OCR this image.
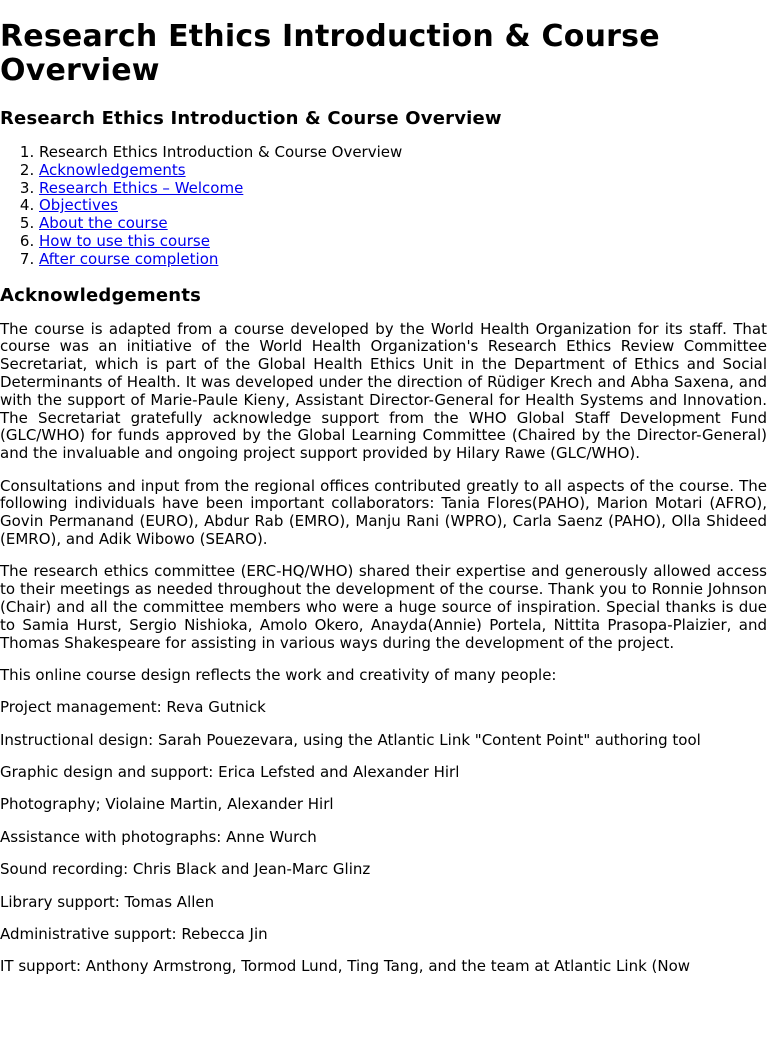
Research Ethics Introduction & Course Overview
Research Ethics Introduction & Course Overview
1. Research Ethics Introduction & Course Overview
2. Acknowledgements
3. Research Ethics – Welcome
4. Objectives
5. About the course
6. How to use this course
7. After course completion
Acknowledgements

The course is adapted from a course developed by the World Health Organization for its staff. That course was an initiative of the World Health Organization's Research Ethics Review Committee Secretariat, which is part of the Global Health Ethics Unit in the Department of Ethics and Social Determinants of Health. It was developed under the direction of Rüdiger Krech and Abha Saxena, and with the support of Marie-Paule Kieny, Assistant Director-General for Health Systems and Innovation. The Secretariat gratefully acknowledge support from the WHO Global Staff Development Fund (GLC/WHO) for funds approved by the Global Learning Committee (Chaired by the Director-General) and the invaluable and ongoing project support provided by Hilary Rawe (GLC/WHO).

Consultations and input from the regional offices contributed greatly to all aspects of the course. The following individuals have been important collaborators: Tania Flores(PAHO), Marion Motari (AFRO), Govin Permanand (EURO), Abdur Rab (EMRO), Manju Rani (WPRO), Carla Saenz (PAHO), Olla Shideed (EMRO), and Adik Wibowo (SEARO).

The research ethics committee (ERC-HQ/WHO) shared their expertise and generously allowed access to their meetings as needed throughout the development of the course. Thank you to Ronnie Johnson (Chair) and all the committee members who were a huge source of inspiration. Special thanks is due to Samia Hurst, Sergio Nishioka, Amolo Okero, Anayda(Annie) Portela, Nittita Prasopa-Plaizier, and Thomas Shakespeare for assisting in various ways during the development of the project.

This online course design reflects the work and creativity of many people:

Project management: Reva Gutnick

Instructional design: Sarah Pouezevara, using the Atlantic Link "Content Point" authoring tool

Graphic design and support: Erica Lefsted and Alexander Hirl

Photography; Violaine Martin, Alexander Hirl

Assistance with photographs: Anne Wurch

Sound recording: Chris Black and Jean-Marc Glinz

Library support: Tomas Allen

Administrative support: Rebecca Jin

IT support: Anthony Armstrong, Tormod Lund, Ting Tang, and the team at Atlantic Link (Now
